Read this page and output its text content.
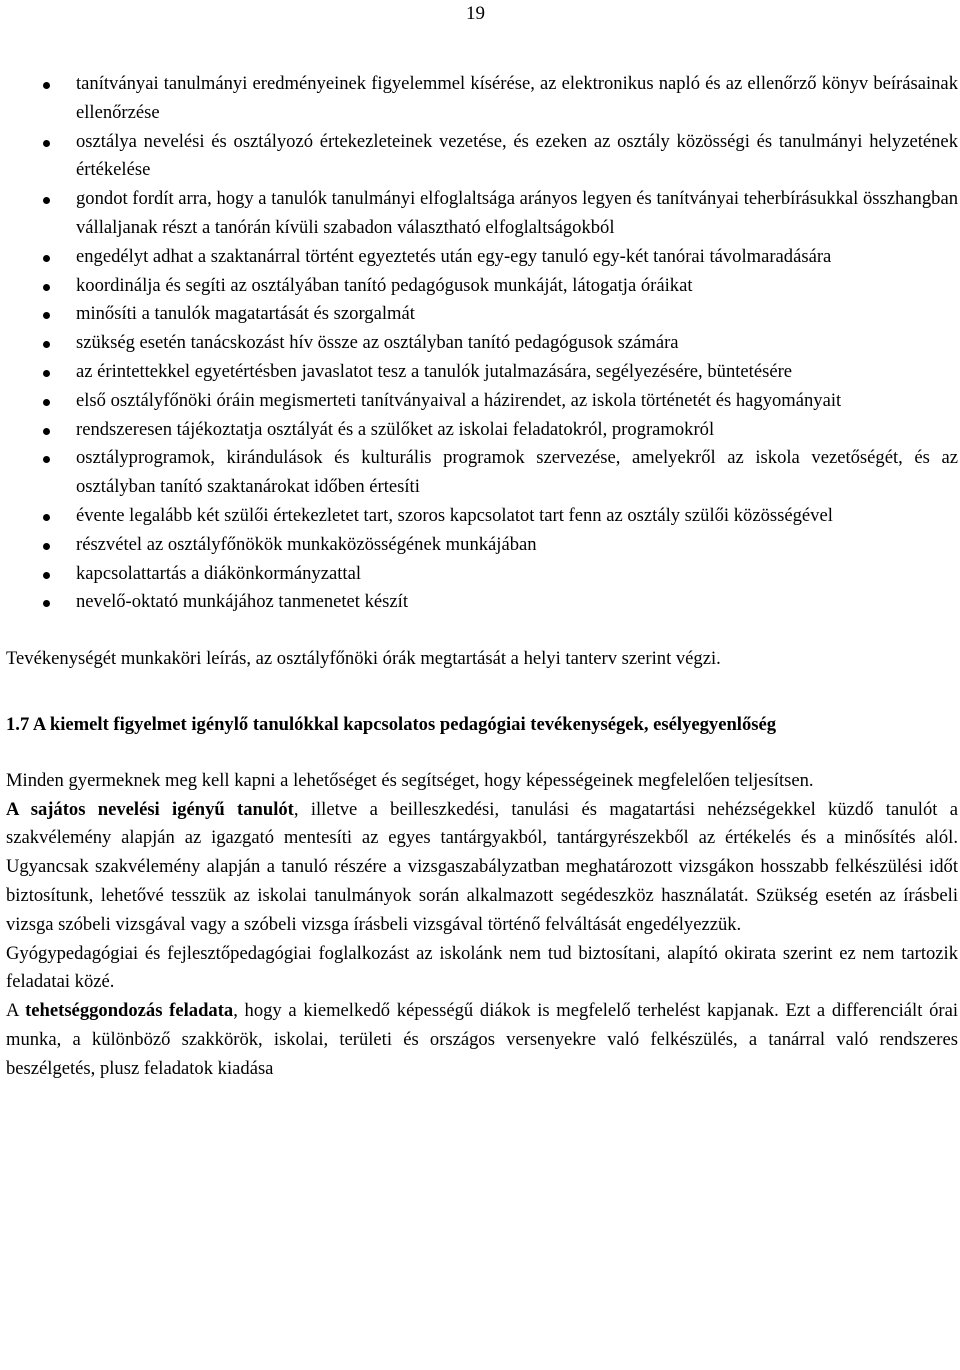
19
tanítványai tanulmányi eredményeinek figyelemmel kísérése, az elektronikus napló és az ellenőrző könyv beírásainak ellenőrzése
osztálya nevelési és osztályozó értekezleteinek vezetése, és ezeken az osztály közösségi és tanulmányi helyzetének értékelése
gondot fordít arra, hogy a tanulók tanulmányi elfoglaltsága arányos legyen és tanítványai teherbírásukkal összhangban vállaljanak részt a tanórán kívüli szabadon választható elfoglaltságokból
engedélyt adhat a szaktanárral történt egyeztetés után egy-egy tanuló egy-két tanórai távolmaradására
koordinálja és segíti az osztályában tanító pedagógusok munkáját, látogatja óráikat
minősíti a tanulók magatartását és szorgalmát
szükség esetén tanácskozást hív össze az osztályban tanító pedagógusok számára
az érintettekkel egyetértésben javaslatot tesz a tanulók jutalmazására, segélyezésére, büntetésére
első osztályfőnöki óráin megismerteti tanítványaival a házirendet, az iskola történetét és hagyományait
rendszeresen tájékoztatja osztályát és a szülőket az iskolai feladatokról, programokról
osztályprogramok, kirándulások és kulturális programok szervezése, amelyekről az iskola vezetőségét, és az osztályban tanító szaktanárokat időben értesíti
évente legalább két szülői értekezletet tart, szoros kapcsolatot tart fenn az osztály szülői közösségével
részvétel az osztályfőnökök munkaközösségének munkájában
kapcsolattartás a diákönkormányzattal
nevelő-oktató munkájához tanmenetet készít

Tevékenységét munkaköri leírás, az osztályfőnöki órák megtartását a helyi tanterv szerint végzi.

1.7 A kiemelt figyelmet igénylő tanulókkal kapcsolatos pedagógiai tevékenységek, esélyegyenlőség

Minden gyermeknek meg kell kapni a lehetőséget és segítséget, hogy képességeinek megfelelően teljesítsen.

A sajátos nevelési igényű tanulót, illetve a beilleszkedési, tanulási és magatartási nehézségekkel küzdő tanulót a szakvélemény alapján az igazgató mentesíti az egyes tantárgyakból, tantárgyrészekből az értékelés és a minősítés alól. Ugyancsak szakvélemény alapján a tanuló részére a vizsgaszabályzatban meghatározott vizsgákon hosszabb felkészülési időt biztosítunk, lehetővé tesszük az iskolai tanulmányok során alkalmazott segédeszköz használatát. Szükség esetén az írásbeli vizsga szóbeli vizsgával vagy a szóbeli vizsga írásbeli vizsgával történő felváltását engedélyezzük.

Gyógypedagógiai és fejlesztőpedagógiai foglalkozást az iskolánk nem tud biztosítani, alapító okirata szerint ez nem tartozik feladatai közé.

A tehetséggondozás feladata, hogy a kiemelkedő képességű diákok is megfelelő terhelést kapjanak. Ezt a differenciált órai munka, a különböző szakkörök, iskolai, területi és országos versenyekre való felkészülés, a tanárral való rendszeres beszélgetés, plusz feladatok kiadása
